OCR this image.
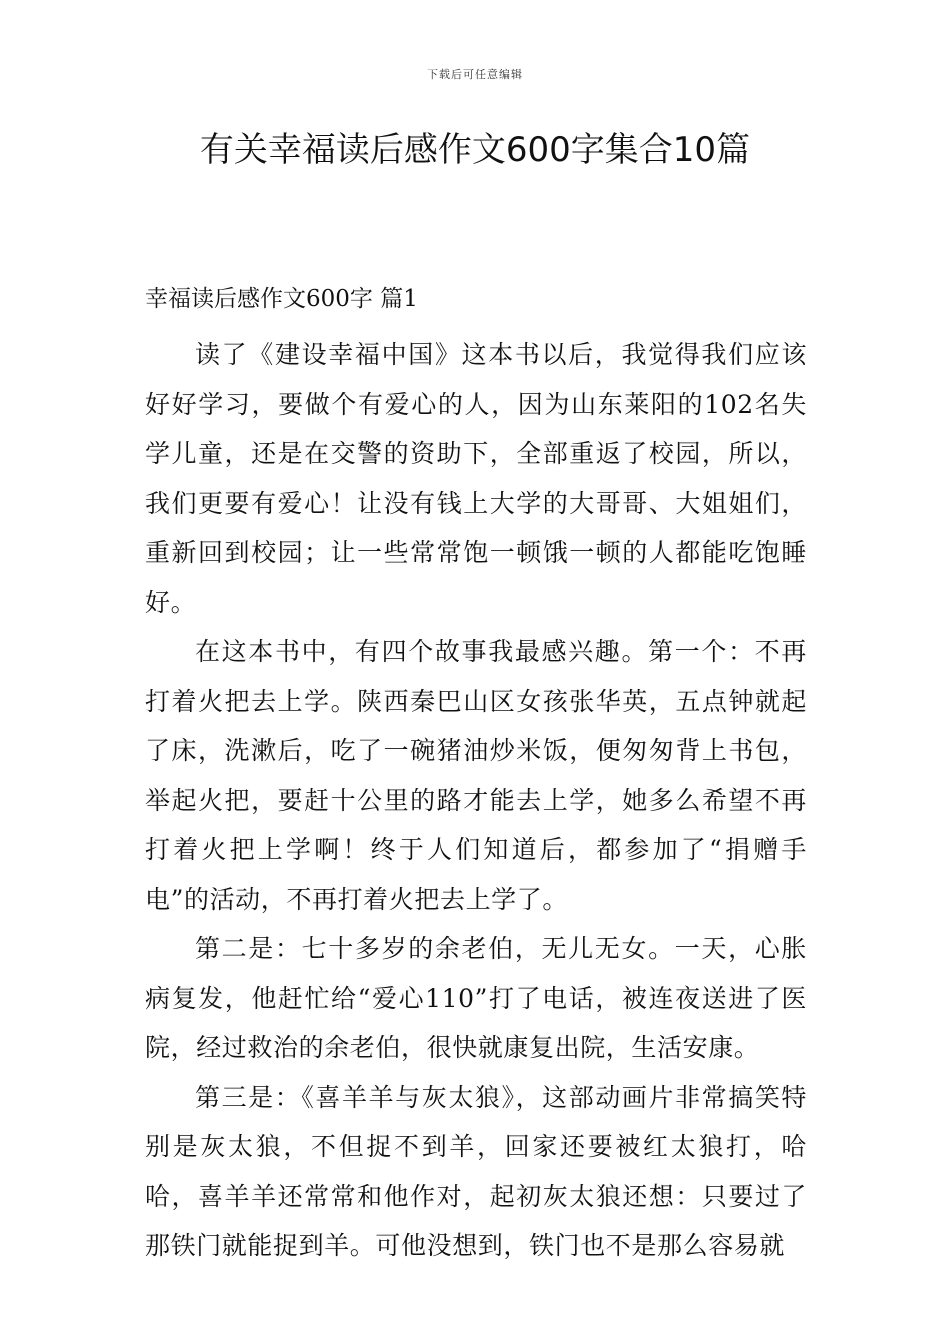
下载后可任意编辑
有关幸福读后感作文600字集合10篇
幸福读后感作文600字 篇1

读了《建设幸福中国》这本书以后，我觉得我们应该好好学习，要做个有爱心的人，因为山东莱阳的102名失学儿童，还是在交警的资助下，全部重返了校园，所以，我们更要有爱心！让没有钱上大学的大哥哥、大姐姐们，重新回到校园；让一些常常饱一顿饿一顿的人都能吃饱睡好。

在这本书中，有四个故事我最感兴趣。第一个：不再打着火把去上学。陕西秦巴山区女孩张华英，五点钟就起了床，洗漱后，吃了一碗猪油炒米饭，便匆匆背上书包，举起火把，要赶十公里的路才能去上学，她多么希望不再打着火把上学啊！终于人们知道后，都参加了“捐赠手电”的活动，不再打着火把去上学了。

第二是：七十多岁的余老伯，无儿无女。一天，心胀病复发，他赶忙给“爱心110”打了电话，被连夜送进了医院，经过救治的余老伯，很快就康复出院，生活安康。

第三是：《喜羊羊与灰太狼》，这部动画片非常搞笑特别是灰太狼，不但捉不到羊，回家还要被红太狼打，哈哈，喜羊羊还常常和他作对，起初灰太狼还想：只要过了那铁门就能捉到羊。可他没想到，铁门也不是那么容易就
